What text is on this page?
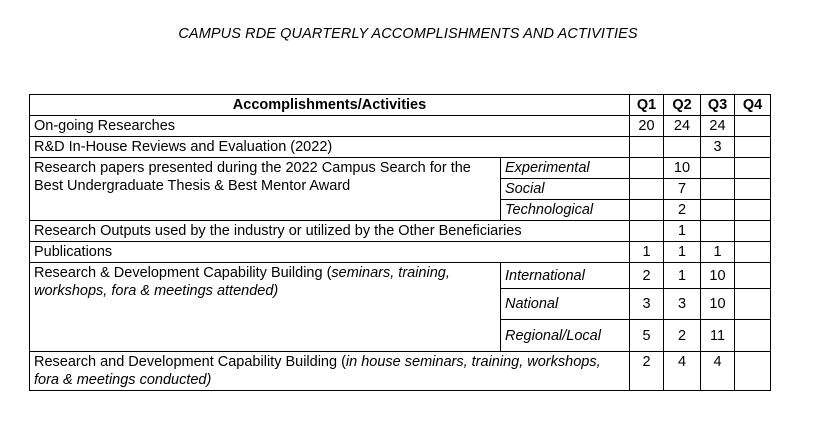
CAMPUS RDE QUARTERLY ACCOMPLISHMENTS AND ACTIVITIES
Accomplishments/Activities		Q1	Q2	Q3	Q4
On-going Researches		20	24	24	
R&D In-House Reviews and Evaluation (2022)				3	
Research papers presented during the 2022 Campus Search for the Best Undergraduate Thesis & Best Mentor Award	Experimental		10		
	Social		7		
	Technological		2		
Research Outputs used by the industry or utilized by the Other Beneficiaries			1		
Publications		1	1	1	
Research & Development Capability Building (seminars, training, workshops, fora & meetings attended)	International	2	1	10	
	National	3	3	10	
	Regional/Local	5	2	11	
Research and Development Capability Building (in house seminars, training, workshops, fora & meetings conducted)		2	4	4	
